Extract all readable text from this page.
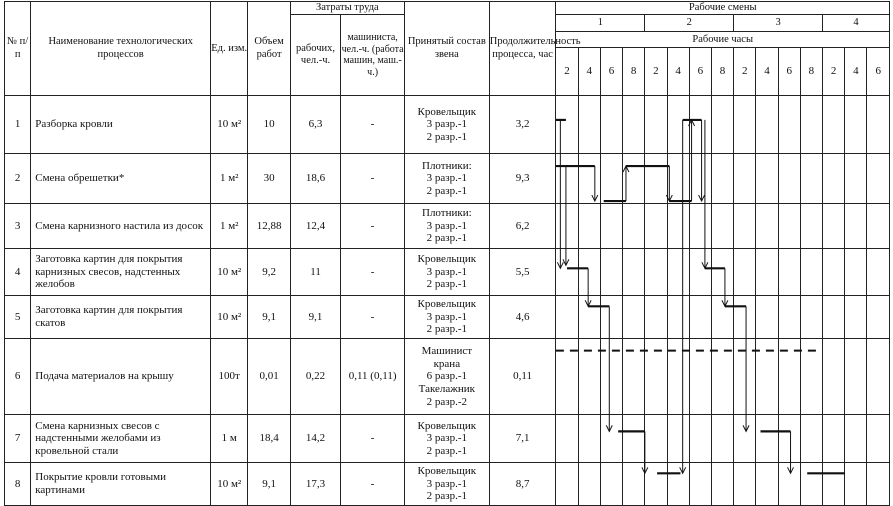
№ п/п	Наименование технологических процессов	Ед. изм.	Объем работ	Затраты труда		Принятый состав звена	Продолжительность процесса, час	Рабочие смены														
				рабочих, чел.-ч.	машиниста, чел.-ч. (работа машин, маш.-ч.)			1				2				3				4		
								Рабочие часы														
								2	4	6	8	2	4	6	8	2	4	6	8	2	4	6
1	Разборка кровли	10 м²	10	6,3	-	Кровельщик
3 разр.-1
2 разр.-1	3,2															
2	Смена обрешетки*	1 м²	30	18,6	-	Плотники:
3 разр.-1
2 разр.-1	9,3															
3	Смена карнизного настила из досок	1 м²	12,88	12,4	-	Плотники:
3 разр.-1
2 разр.-1	6,2															
4	Заготовка картин для покрытия карнизных свесов, надстенных желобов	10 м²	9,2	11	-	Кровельщик
3 разр.-1
2 разр.-1	5,5															
5	Заготовка картин для покрытия скатов	10 м²	9,1	9,1	-	Кровельщик
3 разр.-1
2 разр.-1	4,6															
6	Подача материалов на крышу	100т	0,01	0,22	0,11 (0,11)	Машинист
крана
6 разр.-1
Такелажник
2 разр.-2	0,11															
7	Смена карнизных свесов с надстенными желобами из кровельной стали	1 м	18,4	14,2	-	Кровельщик
3 разр.-1
2 разр.-1	7,1															
8	Покрытие кровли готовыми картинами	10 м²	9,1	17,3	-	Кровельщик
3 разр.-1
2 разр.-1	8,7															
